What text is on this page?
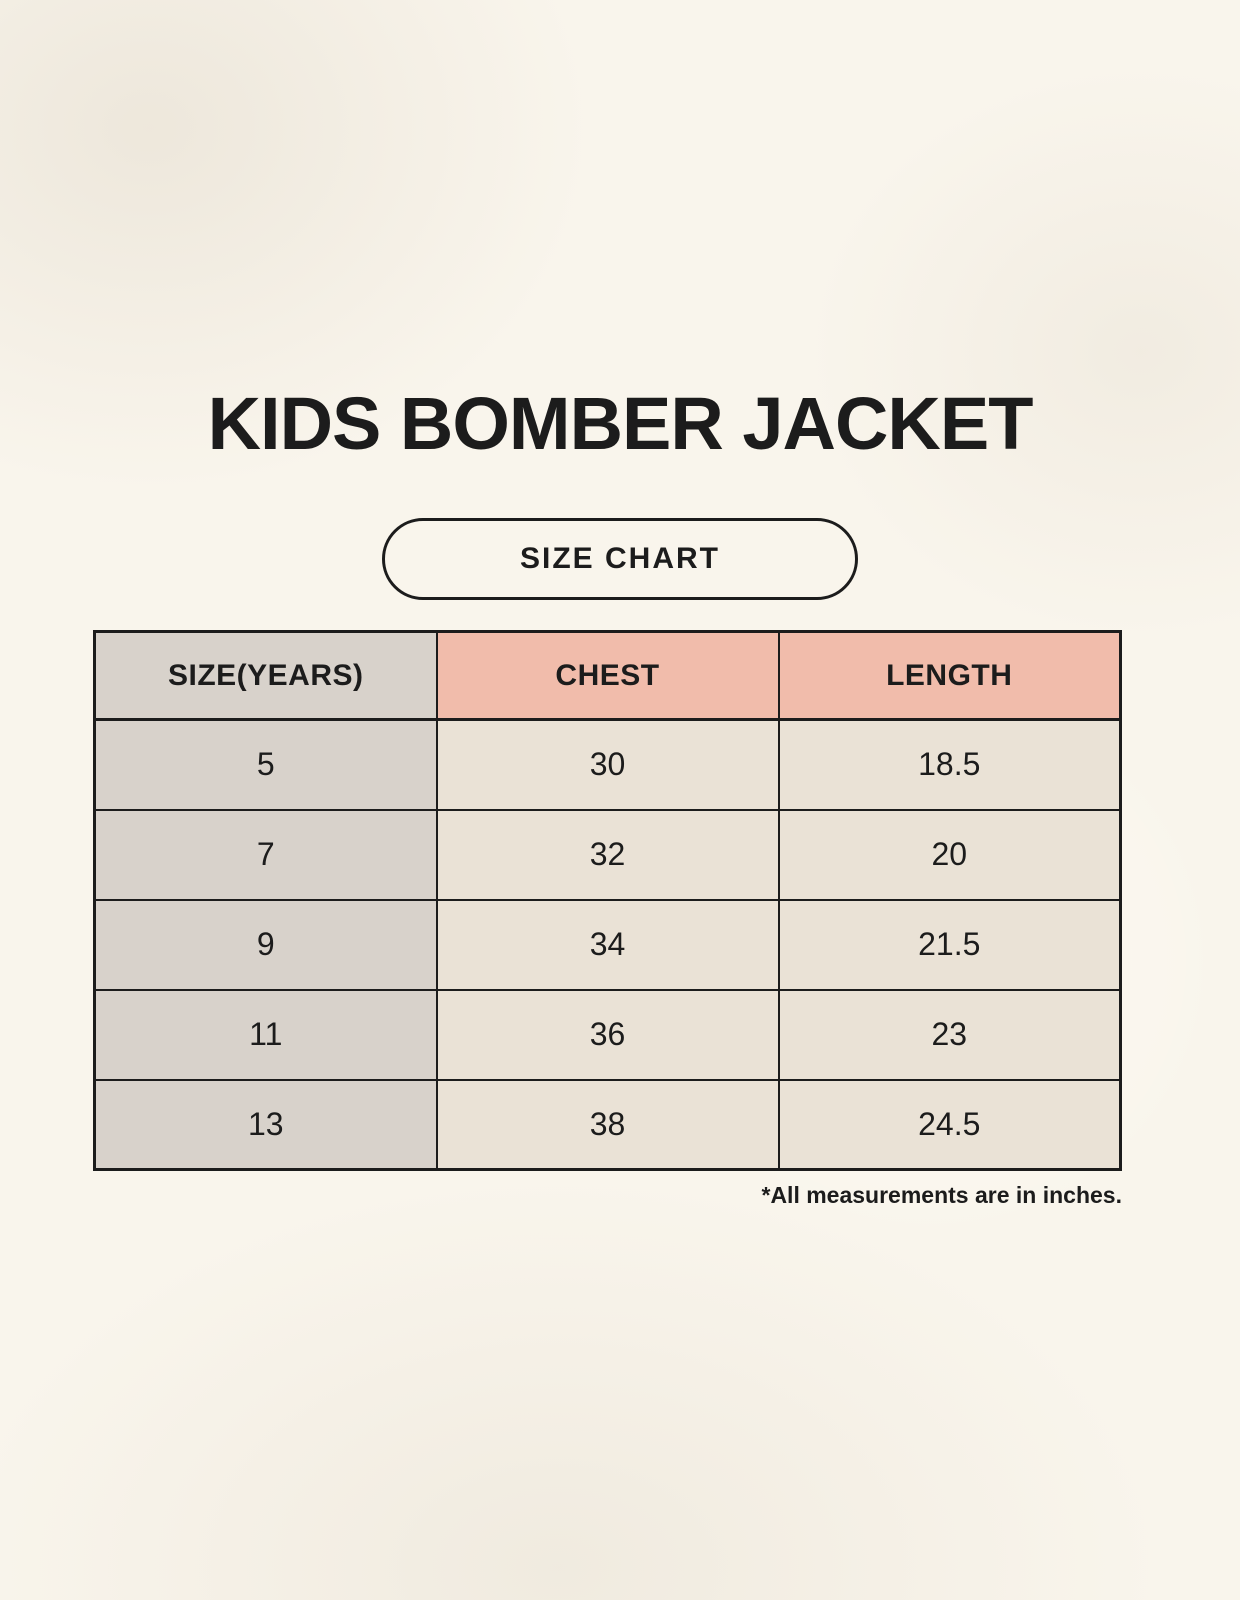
KIDS BOMBER JACKET
SIZE CHART
SIZE(YEARS)	CHEST	LENGTH
5	30	18.5
7	32	20
9	34	21.5
11	36	23
13	38	24.5

*All measurements are in inches.
